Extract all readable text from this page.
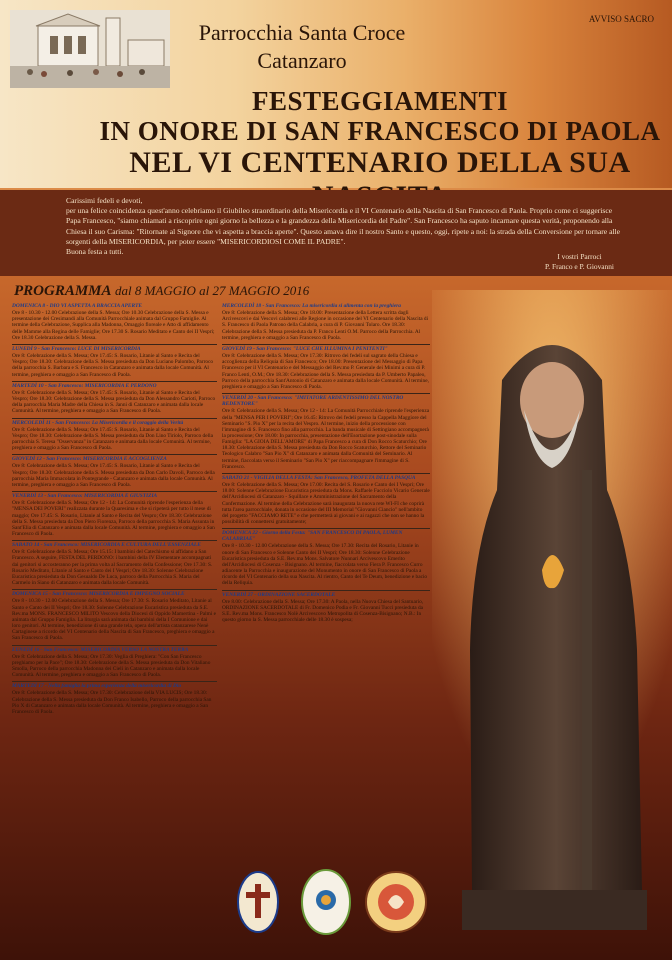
AVVISO SACRO
Parrocchia Santa Croce
Catanzaro
FESTEGGIAMENTI
IN ONORE DI SAN FRANCESCO DI PAOLA
NEL VI CENTENARIO DELLA SUA

Carissimi fedeli e devoti,

per una felice coincidenza quest'anno celebriamo il Giubileo straordinario della Misericordia e il VI Centenario della Nascita di San Francesco di Paola. Proprio come ci suggerisce Papa Francesco, "siamo chiamati a riscoprire ogni giorno la bellezza e la grandezza della Misericordia del Padre". San Francesco ha saputo incarnare questa verità, proponendo alla Chiesa il suo Carisma: "Ritornate al Signore che vi aspetta a braccia aperte". Questo amava dire il nostro Santo e questo, oggi, ripete a noi: la strada della Conversione per tornare alle sorgenti della MISERICORDIA, per poter essere "MISERICORDIOSI COME IL PADRE".

Buona festa a tutti.

I vostri Parroci
P. Franco e P. Giovanni
PROGRAMMA dal 8 MAGGIO al 27 MAGGIO 2016
DOMENICA 8 - DIO VI ASPETTA A BRACCIA APERTE

Ore 8 - 10.30 - 12.00 Celebrazione della S. Messa; Ore 10.30 Celebrazione della S. Messa e presentazione dei Cresimandi alla Comunità Parrocchiale animata dal Gruppo Famiglie. Al termine della Celebrazione, Supplica alla Madonna, Omaggio floreale e Atto di affidamento delle Mamme alla Regina delle Famiglie; Ore 17.30 S. Rosario Meditato e Canto dei II Vespri; Ore 18.30 Celebrazione della S. Messa.

LUNEDÌ 9 - San Francesco: LUCE DI MISERICORDIA

Ore 8: Celebrazione della S. Messa; Ore 17.45: S. Rosario, Litanie al Santo e Recita del Vespro; Ore 18.30: Celebrazione della S. Messa presieduta da Don Luciano Palombo, Parroco della parrocchia S. Barbara e S. Francesco in Catanzaro e animata dalla locale Comunità. Al termine, preghiera e omaggio a San Francesco di Paola.

MARTEDÌ 10 - San Francesco: MISERICORDIA E PERDONO

Ore 8: Celebrazione della S. Messa; Ore 17.45: S. Rosario, Litanie al Santo e Recita del Vespro; Ore 18.30: Celebrazione della S. Messa presieduta da Don Alessandro Carioti, Parroco della parrocchia Maria Madre della Chiesa in S. Janni di Catanzaro e animata dalla locale Comunità. Al termine, preghiera e omaggio a San Francesco di Paola.

MERCOLEDÌ 11 - San Francesco: La Misericordia e il coraggio della Verità

Ore 8: Celebrazione della S. Messa; Ore 17.45: S. Rosario, Litanie al Santo e Recita del Vespro; Ore 18.30: Celebrazione della S. Messa presieduta da Don Lino Tiriolo, Parroco della parrocchia S. Teresa "Osservanza" in Catanzaro e animata dalla locale Comunità. Al termine, preghiera e omaggio a San Francesco di Paola.

GIOVEDÌ 12 - San Francesco: MISERICORDIA E ACCOGLIENZA

Ore 8: Celebrazione della S. Messa; Ore 17.45: S. Rosario, Litanie al Santo e Recita del Vespro; Ore 18.30: Celebrazione della S. Messa presieduta da Don Carlo Davoli, Parroco della parrocchia Maria Immacolata in Pontegrande - Catanzaro e animata dalla locale Comunità. Al termine, preghiera e omaggio a San Francesco di Paola.

VENERDÌ 13 - San Francesco: MISERICORDIA E GIUSTIZIA

Ore 8: Celebrazione della S. Messa; Ore 12 - 14: La Comunità riprende l'esperienza della "MENSA DEI POVERI" realizzata durante la Quaresima e che si ripeterà per tutto il mese di maggio; Ore 17.45: S. Rosario, Litanie al Santo e Recita del Vespro; Ore 18.30: Celebrazione della S. Messa presieduta da Don Piero Fiorenza, Parroco della parrocchia S. Maria Assunta in Sant'Elia di Catanzaro e animata dalla locale Comunità. Al termine, preghiera e omaggio a San Francesco di Paola.

SABATO 14 - San Francesco: MISERICORDIA E CULTURA DELL'ESSENZIALE

Ore 8: Celebrazione della S. Messa; Ore 15.15: I bambini del Catechismo si affidano a San Francesco. A seguire, FESTA DEL PERDONO: i bambini della IV Elementare accompagnati dai genitori si accosteranno per la prima volta al Sacramento della Confessione; Ore 17.30: S. Rosario Meditato, Litanie al Santo e Canto dei I Vespri; Ore 18.30: Solenne Celebrazione Eucaristica presieduta da Don Gesualdo De Luca, parroco della Parrocchia S. Maria del Carmelo in Siano di Catanzaro e animata dalla locale Comunità.

DOMENICA 15 - San Francesco: MISERICORDIA E IMPEGNO SOCIALE

Ore 8 - 10.30 - 12.00 Celebrazione della S. Messa; Ore 17.30: S. Rosario Meditato, Litanie al Santo e Canto dei II Vespri; Ore 18.30: Solenne Celebrazione Eucaristica presieduta da S.E. Rev.ma MONS. FRANCESCO MILITO Vescovo della Diocesi di Oppido Mamertina - Palmi e animata dal Gruppo Famiglia. La liturgia sarà animata dai bambini della I Comunione e dai loro genitori. Al termine, benedizione di una grande tela, opera dell'artista catanzarese Nenè Cartaginese a ricordo del VI Centenario della Nascita di San Francesco, preghiera e omaggio a San Francesco di Paola.

LUNEDÌ 16 - San Francesco: MISERICORDIA VERSO LA NOSTRA TERRA

Ore 8: Celebrazione della S. Messa; Ore 17.30: Veglia di Preghiera: "Con San Francesco preghiamo per la Pace"; Ore 18.30: Celebrazione della S. Messa presieduta da Don Vitaliano Smolla, Parroco della parrocchia Madonna dei Cieli in Catanzaro e animata dalla locale Comunità. Al termine, preghiera e omaggio a San Francesco di Paola.

MARTEDÌ 17 - Nella famiglia la prima esperienza della misericordia di Dio

Ore 8: Celebrazione della S. Messa; Ore 17.30: Celebrazione della VIA LUCIS; Ore 18.30: Celebrazione della S. Messa presieduta da Don Franco Isabello, Parroco della parrocchia San Pio X di Catanzaro e animata dalla locale Comunità. Al termine, preghiera e omaggio a San Francesco di Paola.

MERCOLEDÌ 18 - San Francesco: La misericordia si alimenta con la preghiera

Ore 8: Celebrazione della S. Messa; Ore 18.00: Presentazione della Lettera scritta dagli Arcivescovi e dai Vescovi calabresi alle Regione in occasione del VI Centenario della Nascita di S. Francesco di Paola Patrono della Calabria, a cura di P. Giovanni Tolaro. Ore 18.30: Celebrazione della S. Messa presieduta da P. Franco Lenti O.M. Parroco della Parrocchia. Al termine, preghiera e omaggio a San Francesco di Paola.

GIOVEDÌ 19 - San Francesco: "LUCE CHE ILLUMINA I PENITENTI"

Ore 8: Celebrazione della S. Messa; Ore 17.30: Ritrovo dei fedeli sul sagrato della Chiesa e accoglienza della Reliquia di San Francesco; Ore 18.00: Presentazione del Messaggio di Papa Francesco per il VI Centenario e del Messaggio del Rev.mo P. Generale dei Minimi a cura di P. Franco Lenti, O.M.; Ore 18.30: Celebrazione della S. Messa presieduta da P. Umberto Papaleo, Parroco della parrocchia Sant'Antonio di Catanzaro e animata dalla locale Comunità. Al termine, preghiera e omaggio a San Francesco di Paola.

VENERDÌ 20 - San Francesco: "IMITATORE ARDENTISSIMO DEL NOSTRO REDENTORE"

Ore 8: Celebrazione della S. Messa; Ore 12 - 14: La Comunità Parrocchiale riprende l'esperienza della "MENSA PER I POVERI"; Ore 16.45: Ritrovo dei fedeli presso la Cappella Maggiore del Seminario "S. Pio X" per la recita del Vespro. Al termine, inizio della processione con l'immagine di S. Francesco fino alla parrocchia. La banda musicale di Settingiano accompagnerà la processione; Ore 18.00: In parrocchia, presentazione dell'Esortazione post-sinodale sulla Famiglia: "LA GIOIA DELL'AMORE" di Papa Francesco a cura di Don Rocco Scaturchio; Ore 18.30: Celebrazione della S. Messa presieduta da Don Rocco Scaturchio, Rettore del Seminario Teologico Calabro "San Pio X" di Catanzaro e animata dalla Comunità del Seminario. Al termine, fiaccolata verso il Seminario "San Pio X" per riaccompagnare l'immagine di S. Francesco.

SABATO 21 - VIGILIA DELLA FESTA: San Francesco, PROFETA DELLA PASQUA

Ore 8: Celebrazione della S. Messa; Ore 17.00: Recita del S. Rosario e Canto dei I Vespri; Ore 18.00: Solenne Celebrazione Eucaristica presieduta da Mons. Raffaele Facciolo Vicario Generale dell'Arcidiocesi di Catanzaro - Squillace e Amministrazione del Sacramento della Confermazione. Al termine della Celebrazione sarà inaugurata la nuova rete WI-FI che coprirà tutta l'area parrocchiale, donata in occasione del III Memorial "Giovanni Ciancio" nell'ambito del progetto "FACCIAMO RETE" e che permetterà ai giovani e ai ragazzi che non se hanno la possibilità di connettersi gratuitamente;

DOMENICA 22 - Giorno della Festa: "SAN FRANCESCO DI PAOLA, LUMEN CALABRIAE"

Ore 8 - 10.30 - 12.00 Celebrazione della S. Messa; Ore 17.30: Recita del Rosario, Litanie in onore di San Francesco e Solenne Canto dei II Vespri; Ore 18.30: Solenne Celebrazione Eucaristica presieduta da S.E. Rev.ma Mons. Salvatore Nunnari Arcivescovo Emerito dell'Arcidiocesi di Cosenza - Bisignano. Al termine, fiaccolata verso Fiera P. Francesco Curro adiacente la Parrocchia e inaugurazione del Monumento in onore di San Francesco di Paola a ricordo del VI Centenario della sua Nascita. Al rientro, Canto del Te Deum, benedizione e bacio della Reliquia.

VENERDÌ 27 - ORDINAZIONE SACERDOTALE

Ore 8.00: Celebrazione della S. Messa; Ore 17.30: A Paola, nella Nuova Chiesa del Santuario, ORDINAZIONE SACERDOTALE di Fr. Domenico Podia e Fr. Giovanni Tucci presieduta da S.E. Rev.ma Mons. Francesco Nolè Arcivescovo Metropolita di Cosenza-Bisignano; N.B.: In questo giorno la S. Messa parrocchiale delle 18.30 è sospesa;
